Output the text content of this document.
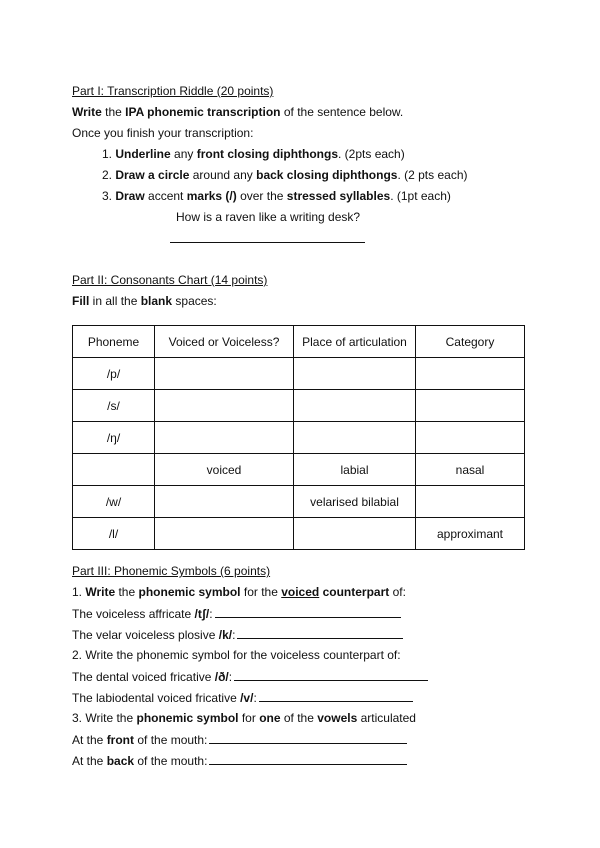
Part I: Transcription Riddle (20 points)
Write the IPA phonemic transcription of the sentence below.
Once you finish your transcription:
1. Underline any front closing diphthongs. (2pts each)
2. Draw a circle around any back closing diphthongs. (2 pts each)
3. Draw accent marks (/) over the stressed syllables. (1pt each)
How is a raven like a writing desk?
Part II: Consonants Chart (14 points)
Fill in all the blank spaces:
Phoneme	Voiced or Voiceless?	Place of articulation	Category
/p/			
/s/			
/ŋ/			
	voiced	labial	nasal
/w/		velarised bilabial	
/l/			approximant
Part III: Phonemic Symbols (6 points)
1. Write the phonemic symbol for the voiced counterpart of:
The voiceless affricate /tʃ/:
The velar voiceless plosive /k/:
2. Write the phonemic symbol for the voiceless counterpart of:
The dental voiced fricative /ð/:
The labiodental voiced fricative /v/:
3. Write the phonemic symbol for one of the vowels articulated
At the front of the mouth:
At the back of the mouth:
